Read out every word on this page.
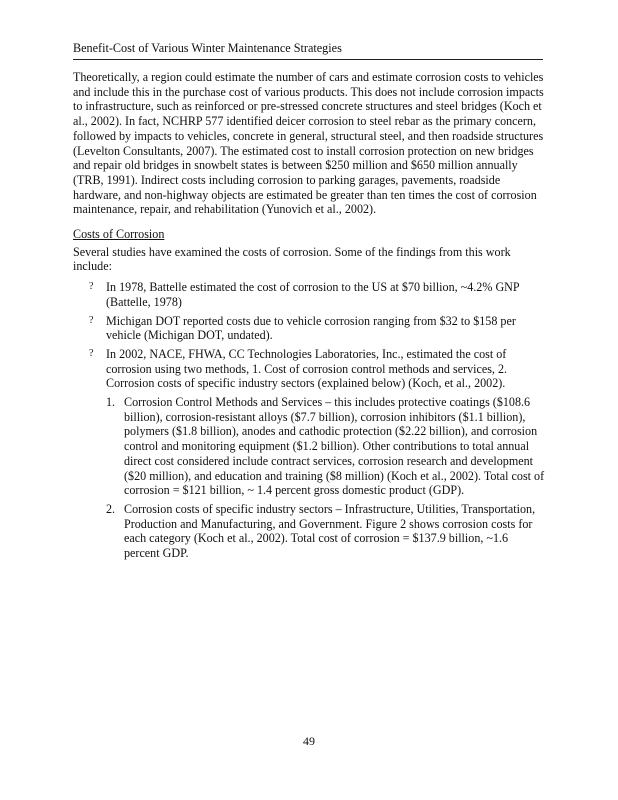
Benefit-Cost of Various Winter Maintenance Strategies

Theoretically, a region could estimate the number of cars and estimate corrosion costs to vehicles and include this in the purchase cost of various products. This does not include corrosion impacts to infrastructure, such as reinforced or pre-stressed concrete structures and steel bridges (Koch et al., 2002). In fact, NCHRP 577 identified deicer corrosion to steel rebar as the primary concern, followed by impacts to vehicles, concrete in general, structural steel, and then roadside structures (Levelton Consultants, 2007). The estimated cost to install corrosion protection on new bridges and repair old bridges in snowbelt states is between $250 million and $650 million annually (TRB, 1991). Indirect costs including corrosion to parking garages, pavements, roadside hardware, and non-highway objects are estimated be greater than ten times the cost of corrosion maintenance, repair, and rehabilitation (Yunovich et al., 2002).

Costs of Corrosion

Several studies have examined the costs of corrosion. Some of the findings from this work include:

? In 1978, Battelle estimated the cost of corrosion to the US at $70 billion, ~4.2% GNP (Battelle, 1978)
? Michigan DOT reported costs due to vehicle corrosion ranging from $32 to $158 per vehicle (Michigan DOT, undated).
? In 2002, NACE, FHWA, CC Technologies Laboratories, Inc., estimated the cost of corrosion using two methods, 1. Cost of corrosion control methods and services, 2. Corrosion costs of specific industry sectors (explained below) (Koch, et al., 2002).
1. Corrosion Control Methods and Services – this includes protective coatings ($108.6 billion), corrosion-resistant alloys ($7.7 billion), corrosion inhibitors ($1.1 billion), polymers ($1.8 billion), anodes and cathodic protection ($2.22 billion), and corrosion control and monitoring equipment ($1.2 billion). Other contributions to total annual direct cost considered include contract services, corrosion research and development ($20 million), and education and training ($8 million) (Koch et al., 2002). Total cost of corrosion = $121 billion, ~ 1.4 percent gross domestic product (GDP).
2. Corrosion costs of specific industry sectors – Infrastructure, Utilities, Transportation, Production and Manufacturing, and Government. Figure 2 shows corrosion costs for each category (Koch et al., 2002). Total cost of corrosion = $137.9 billion, ~1.6 percent GDP.
49
